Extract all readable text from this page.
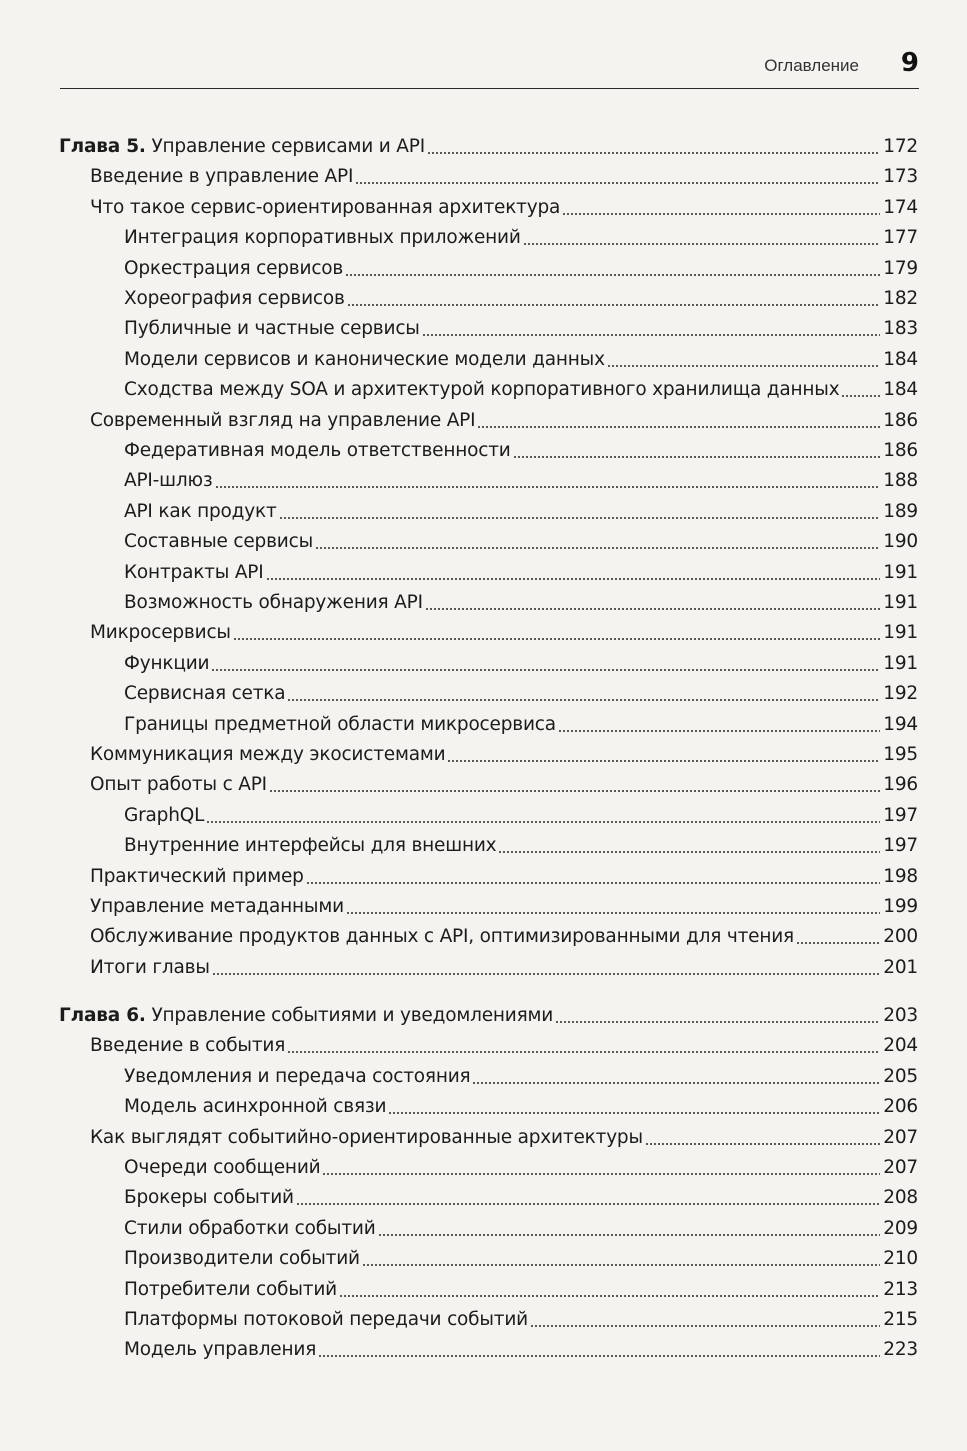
Оглавление 9
Глава 5. Управление сервисами и API	172
Введение в управление API	173
Что такое сервис-ориентированная архитектура	174
Интеграция корпоративных приложений	177
Оркестрация сервисов	179
Хореография сервисов	182
Публичные и частные сервисы	183
Модели сервисов и канонические модели данных	184
Сходства между SOA и архитектурой корпоративного хранилища данных 184
Современный взгляд на управление API	186
Федеративная модель ответственности	186
API-шлюз	188
API как продукт	189
Составные сервисы	190
Контракты API	191
Возможность обнаружения API	191
Микросервисы	191
Функции	191
Сервисная сетка	192
Границы предметной области микросервиса	194
Коммуникация между экосистемами	195
Опыт работы с API	196
GraphQL	197
Внутренние интерфейсы для внешних	197
Практический пример	198
Управление метаданными	199
Обслуживание продуктов данных с API, оптимизированными для чтения	200
Итоги главы	201
Глава 6. Управление событиями и уведомлениями	203
Введение в события	204
Уведомления и передача состояния	205
Модель асинхронной связи	206
Как выглядят событийно-ориентированные архитектуры	207
Очереди сообщений	207
Брокеры событий	208
Стили обработки событий	209
Производители событий	210
Потребители событий	213
Платформы потоковой передачи событий	215
Модель управления	223
